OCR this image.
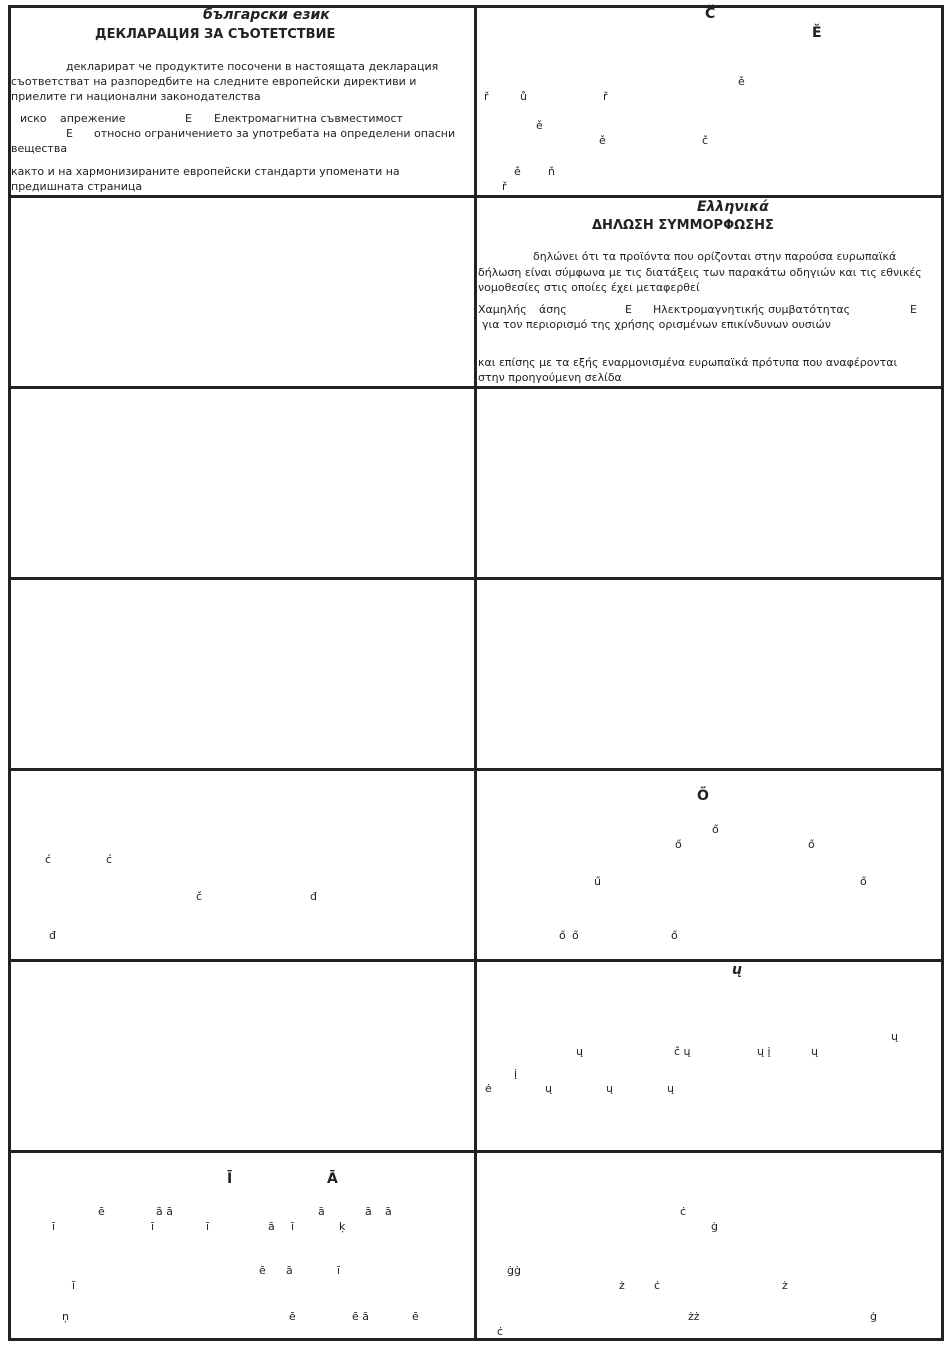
български език
ДЕКЛАРАЦИЯ ЗА СЪОТЕТСТВИЕ
декларират че продуктите посочени в настоящата декларация
съответстват на разпоредбите на следните европейски директиви и
приелите ги национални законодателства
иско апрежение	Е Електромагнитна съвместимост
Е относно ограничението за употребата на определени опасни
вещества
както и на хармонизираните европейски стандарти упоменати на
предишната страница
Č
Ě
ě
ř	ů	ř
ě
ě	č
ě ň
ř
Ελληνικά
ΔΗΛΩΣΗ ΣΥΜΜΟΡΦΩΣΗΣ
δηλώνει ότι τα προϊόντα που ορίζονται στην παρούσα ευρωπαϊκά
δήλωση είναι σύμφωνα με τις διατάξεις των παρακάτω οδηγιών και τις εθνικές
νομοθεσίες στις οποίες έχει μεταφερθεί
Χαμηλής άσης	Ε Ηλεκτρομαγνητικής συμβατότητας	Ε
για τον περιορισμό της χρήσης ορισμένων επικίνδυνων ουσιών
και επίσης με τα εξής εναρμονισμένα ευρωπαϊκά πρότυπα που αναφέρονται
στην προηγούμενη σελίδα
ć	ć
č	đ
đ
Ő
ő
ő	ő
ű	ő
ő ő	ő
ų
ų
ų
č ų	ų į	ų
į
ė	ų	ų	ų
Ī	Ā
ē	ā ā	ā	ā ā
ī	ī	ī	ā ī	ķ
ē ā	ī
ī
ņ	ē	ē ā	ē
ċ
ġ
ġġ
ż	ċ	ż
żż	ġ
ċ
